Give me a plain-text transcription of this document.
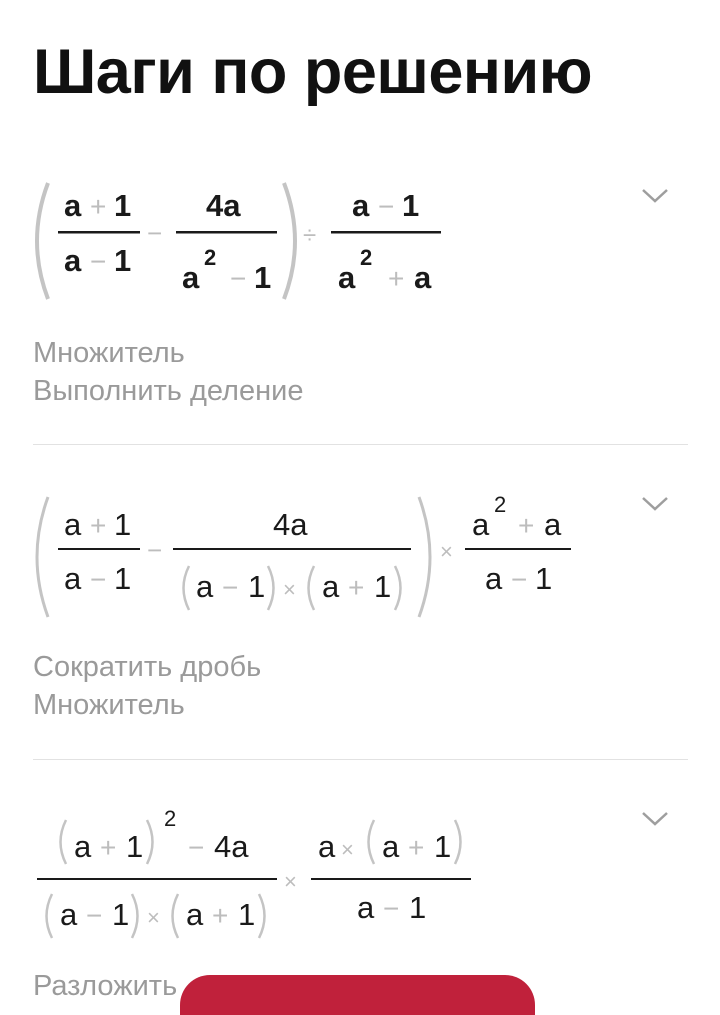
Шаги по решению
a + 1
a − 1
−
4a
a
2
− 1
÷
a − 1
a
2
+ a
Множитель
Выполнить деление
a + 1
a − 1
−
4a
a − 1 × a + 1
×
a
2
+ a
a − 1
Сократить дробь
Множитель
a + 1
2
− 4a
a − 1 × a + 1
×
a × a + 1
a − 1
Разложить
